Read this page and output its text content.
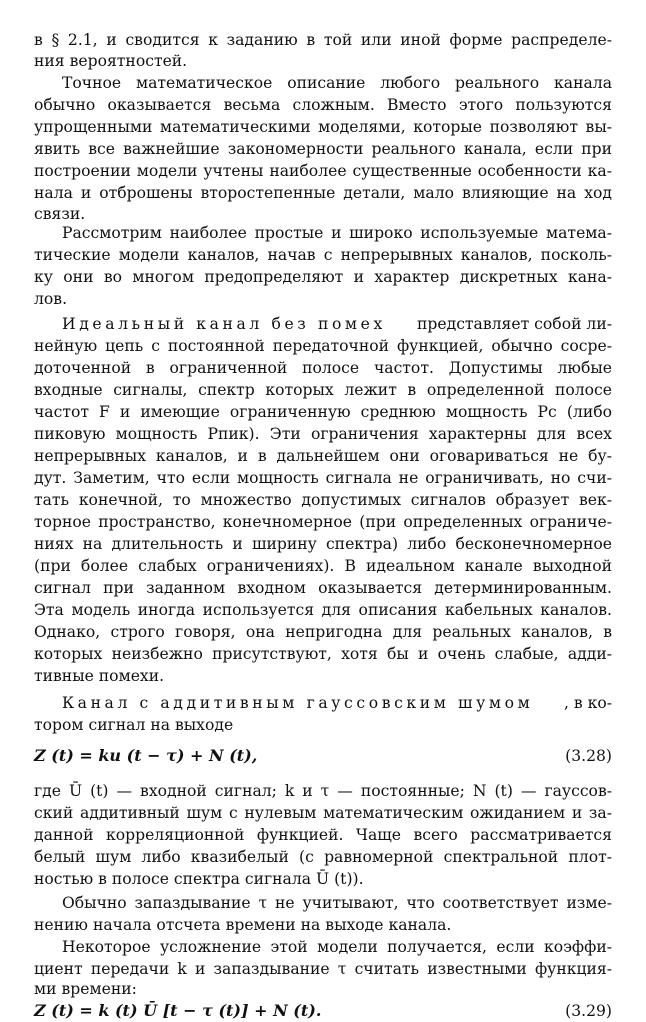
в § 2.1, и сводится к заданию в той или иной форме распределе-
ния вероятностей.
Точное математическое описание любого реального канала
обычно оказывается весьма сложным. Вместо этого пользуются
упрощенными математическими моделями, которые позволяют вы-
явить все важнейшие закономерности реального канала, если при
построении модели учтены наиболее существенные особенности ка-
нала и отброшены второстепенные детали, мало влияющие на ход
связи.
Рассмотрим наиболее простые и широко используемые матема-
тические модели каналов, начав с непрерывных каналов, посколь-
ку они во многом предопределяют и характер дискретных кана-
лов.
Идеальный канал без помех представляет собой ли-
нейную цепь с постоянной передаточной функцией, обычно сосре-
доточенной в ограниченной полосе частот. Допустимы любые
входные сигналы, спектр которых лежит в определенной полосе
частот F и имеющие ограниченную среднюю мощность Pc (либо
пиковую мощность Pпик). Эти ограничения характерны для всех
непрерывных каналов, и в дальнейшем они оговариваться не бу-
дут. Заметим, что если мощность сигнала не ограничивать, но счи-
тать конечной, то множество допустимых сигналов образует век-
торное пространство, конечномерное (при определенных ограниче-
ниях на длительность и ширину спектра) либо бесконечномерное
(при более слабых ограничениях). В идеальном канале выходной
сигнал при заданном входном оказывается детерминированным.
Эта модель иногда используется для описания кабельных каналов.
Однако, строго говоря, она непригодна для реальных каналов, в
которых неизбежно присутствуют, хотя бы и очень слабые, адди-
тивные помехи.
Канал с аддитивным гауссовским шумом , в ко-
тором сигнал на выходе
Z (t) = ku (t − τ) + N (t),	(3.28)
где Ū (t) — входной сигнал; k и τ — постоянные; N (t) — гауссов-
ский аддитивный шум с нулевым математическим ожиданием и за-
данной корреляционной функцией. Чаще всего рассматривается
белый шум либо квазибелый (с равномерной спектральной плот-
ностью в полосе спектра сигнала Ū (t)).
Обычно запаздывание τ не учитывают, что соответствует изме-
нению начала отсчета времени на выходе канала.
Некоторое усложнение этой модели получается, если коэффи-
циент передачи k и запаздывание τ считать известными функция-
ми времени:
Z (t) = k (t) Ū [t − τ (t)] + N (t).	(3.29)
